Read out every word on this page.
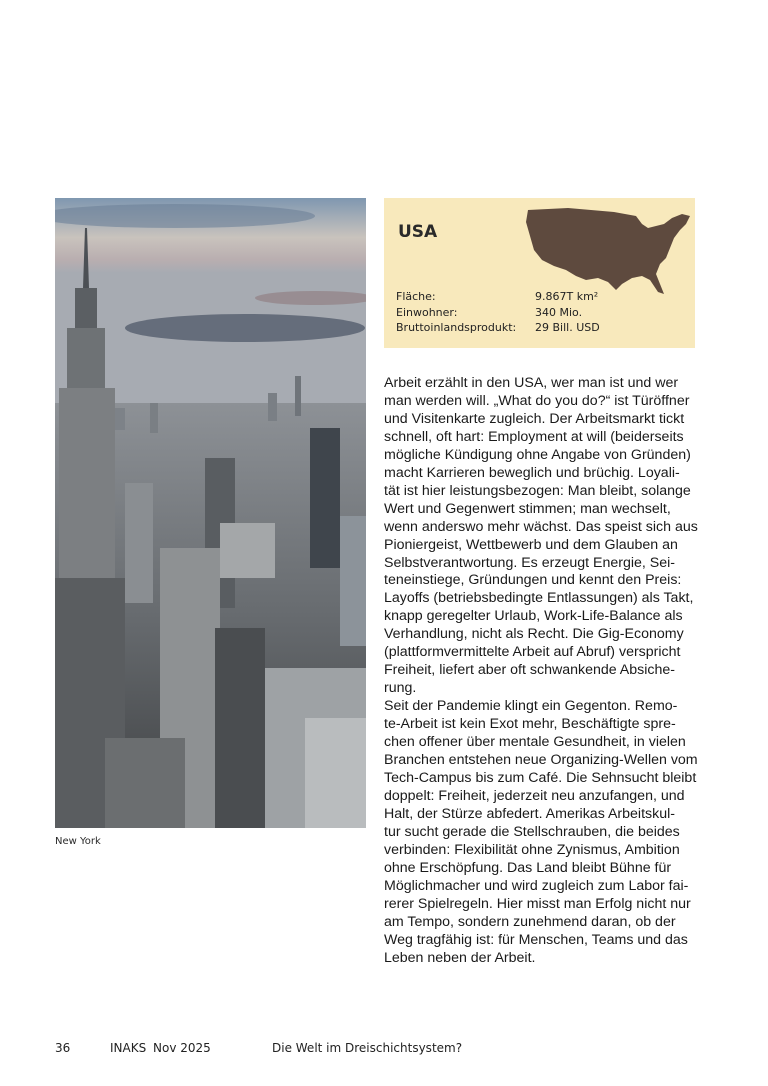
New York
USA
Fläche:	9.867T km²
Einwohner:	340 Mio.
Bruttoinlandsprodukt:	29 Bill. USD
Arbeit erzählt in den USA, wer man ist und wer
man werden will. „What do you do?“ ist Türöffner
und Visitenkarte zugleich. Der Arbeitsmarkt tickt
schnell, oft hart: Employment at will (beiderseits
mögliche Kündigung ohne Angabe von Gründen)
macht Karrieren beweglich und brüchig. Loyali-
tät ist hier leistungsbezogen: Man bleibt, solange
Wert und Gegenwert stimmen; man wechselt,
wenn anderswo mehr wächst. Das speist sich aus
Pioniergeist, Wettbewerb und dem Glauben an
Selbstverantwortung. Es erzeugt Energie, Sei-
teneinstiege, Gründungen und kennt den Preis:
Layoffs (betriebsbedingte Entlassungen) als Takt,
knapp geregelter Urlaub, Work-Life-Balance als
Verhandlung, nicht als Recht. Die Gig-Economy
(plattformvermittelte Arbeit auf Abruf) verspricht
Freiheit, liefert aber oft schwankende Absiche-
rung.
Seit der Pandemie klingt ein Gegenton. Remo-
te-Arbeit ist kein Exot mehr, Beschäftigte spre-
chen offener über mentale Gesundheit, in vielen
Branchen entstehen neue Organizing-Wellen vom
Tech-Campus bis zum Café. Die Sehnsucht bleibt
doppelt: Freiheit, jederzeit neu anzufangen, und
Halt, der Stürze abfedert. Amerikas Arbeitskul-
tur sucht gerade die Stellschrauben, die beides
verbinden: Flexibilität ohne Zynismus, Ambition
ohne Erschöpfung. Das Land bleibt Bühne für
Möglichmacher und wird zugleich zum Labor fai-
rerer Spielregeln. Hier misst man Erfolg nicht nur
am Tempo, sondern zunehmend daran, ob der
Weg tragfähig ist: für Menschen, Teams und das
Leben neben der Arbeit.
36	INAKS Nov 2025	Die Welt im Dreischichtsystem?
